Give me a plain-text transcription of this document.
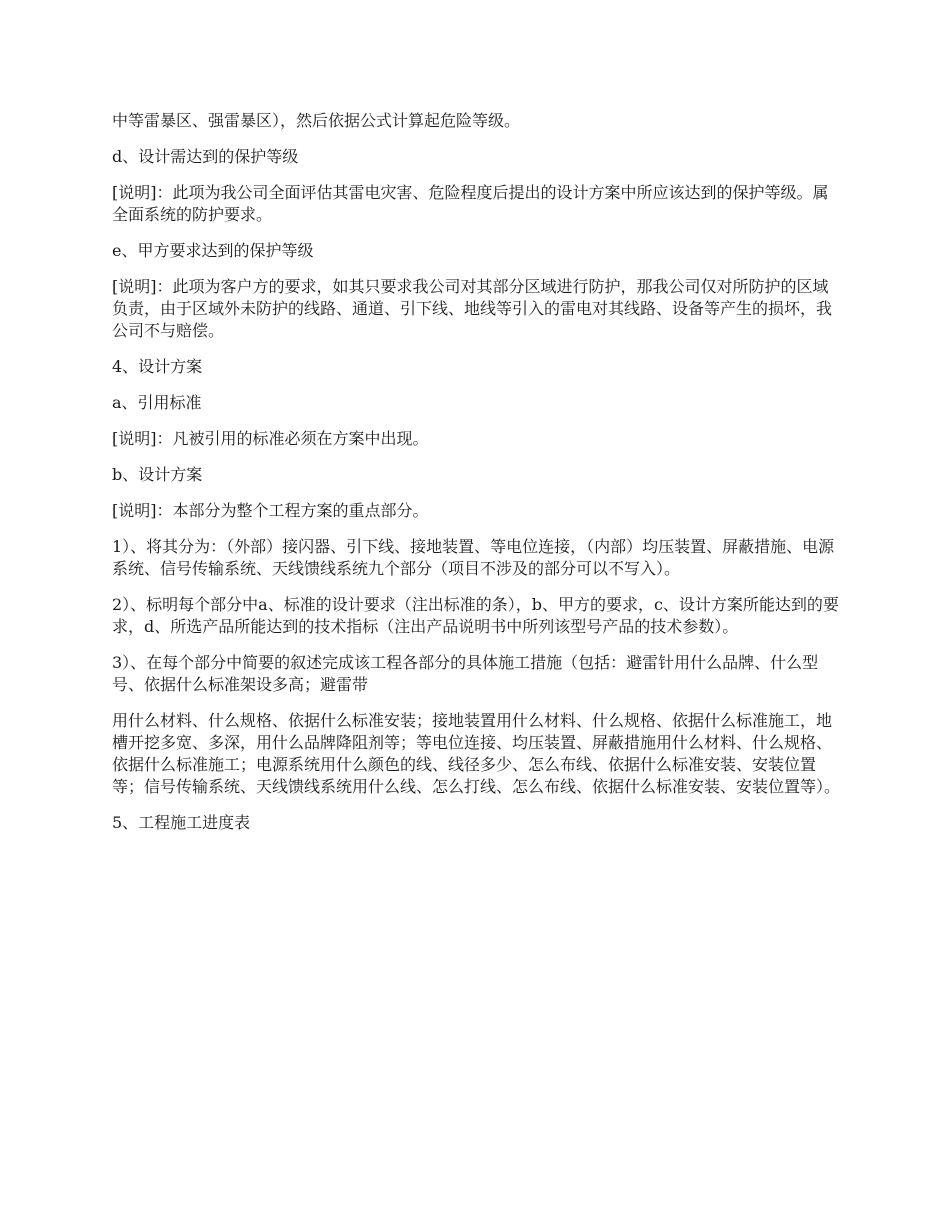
中等雷暴区、强雷暴区），然后依据公式计算起危险等级。

d、设计需达到的保护等级

[说明]：此项为我公司全面评估其雷电灾害、危险程度后提出的设计方案中所应该达到的保护等级。属全面系统的防护要求。

e、甲方要求达到的保护等级

[说明]：此项为客户方的要求，如其只要求我公司对其部分区域进行防护，那我公司仅对所防护的区域负责，由于区域外未防护的线路、通道、引下线、地线等引入的雷电对其线路、设备等产生的损坏，我公司不与赔偿。

4、设计方案

a、引用标准

[说明]：凡被引用的标准必须在方案中出现。

b、设计方案

[说明]：本部分为整个工程方案的重点部分。

1）、将其分为：（外部）接闪器、引下线、接地装置、等电位连接，（内部）均压装置、屏蔽措施、电源系统、信号传输系统、天线馈线系统九个部分（项目不涉及的部分可以不写入）。

2）、标明每个部分中a、标准的设计要求（注出标准的条），b、甲方的要求，c、设计方案所能达到的要求，d、所选产品所能达到的技术指标（注出产品说明书中所列该型号产品的技术参数）。

3）、在每个部分中简要的叙述完成该工程各部分的具体施工措施（包括：避雷针用什么品牌、什么型号、依据什么标准架设多高；避雷带

用什么材料、什么规格、依据什么标准安装；接地装置用什么材料、什么规格、依据什么标准施工，地槽开挖多宽、多深，用什么品牌降阻剂等；等电位连接、均压装置、屏蔽措施用什么材料、什么规格、依据什么标准施工；电源系统用什么颜色的线、线径多少、怎么布线、依据什么标准安装、安装位置等；信号传输系统、天线馈线系统用什么线、怎么打线、怎么布线、依据什么标准安装、安装位置等）。

5、工程施工进度表
